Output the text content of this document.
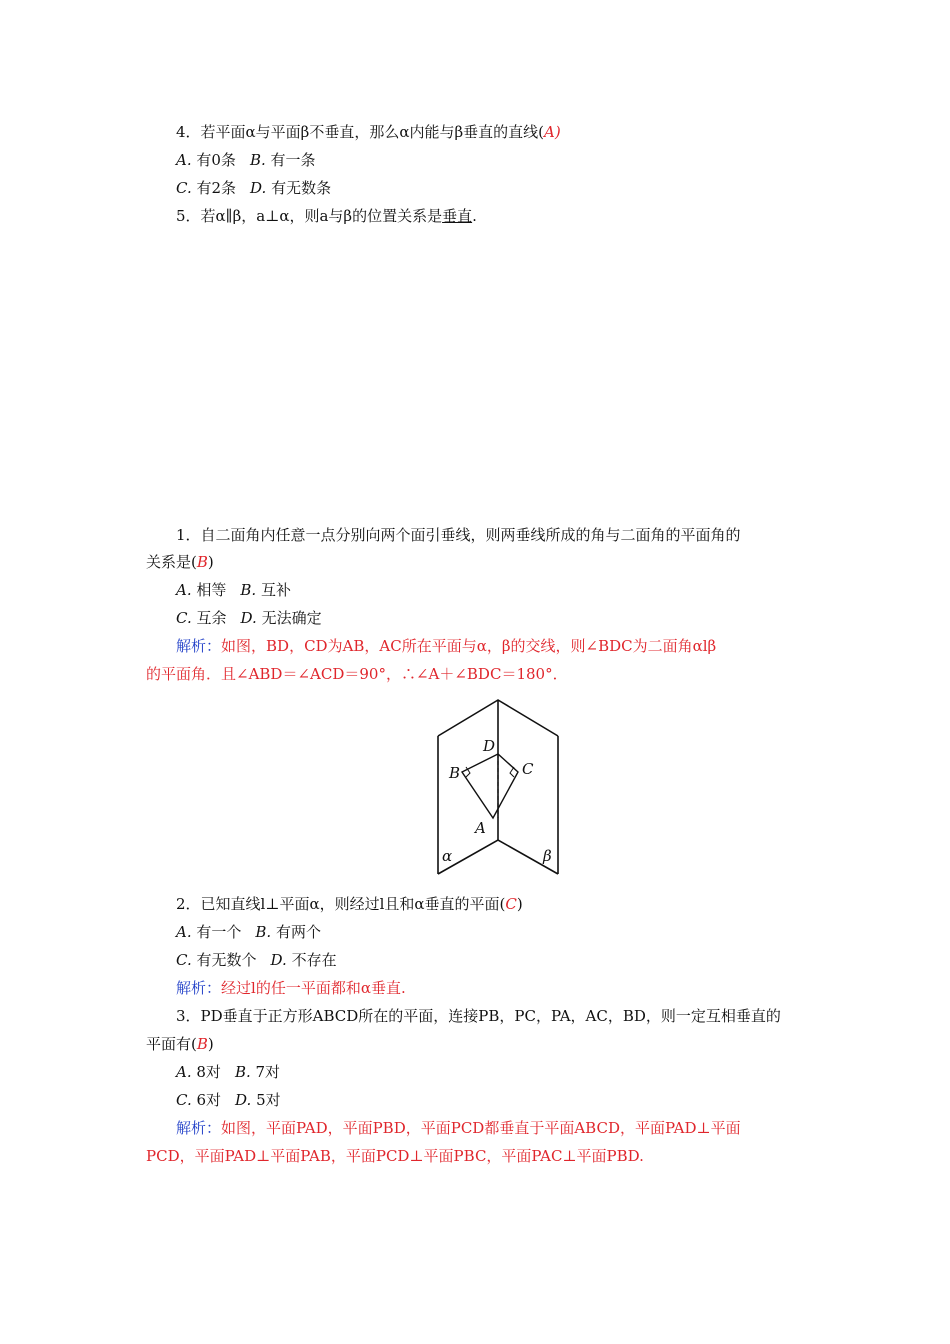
4．若平面α与平面β不垂直，那么α内能与β垂直的直线(A)
A. 有0条 B. 有一条
C. 有2条 D. 有无数条
5．若α∥β，a⊥α，则a与β的位置关系是垂直.
1．自二面角内任意一点分别向两个面引垂线，则两垂线所成的角与二面角的平面角的
关系是(B)
A. 相等 B. 互补
C. 互余 D. 无法确定
解析：如图，BD，CD为AB，AC所在平面与α，β的交线，则∠BDC为二面角αlβ
的平面角．且∠ABD＝∠ACD＝90°，∴∠A＋∠BDC＝180°．
D
B	C
A
α	β
2．已知直线l⊥平面α，则经过l且和α垂直的平面(C)
A. 有一个 B. 有两个
C. 有无数个 D. 不存在
解析：经过l的任一平面都和α垂直.
3．PD垂直于正方形ABCD所在的平面，连接PB，PC，PA，AC，BD，则一定互相垂直的
平面有(B)
A. 8对 B. 7对
C. 6对 D. 5对
解析：如图，平面PAD，平面PBD，平面PCD都垂直于平面ABCD，平面PAD⊥平面
PCD，平面PAD⊥平面PAB，平面PCD⊥平面PBC，平面PAC⊥平面PBD.
